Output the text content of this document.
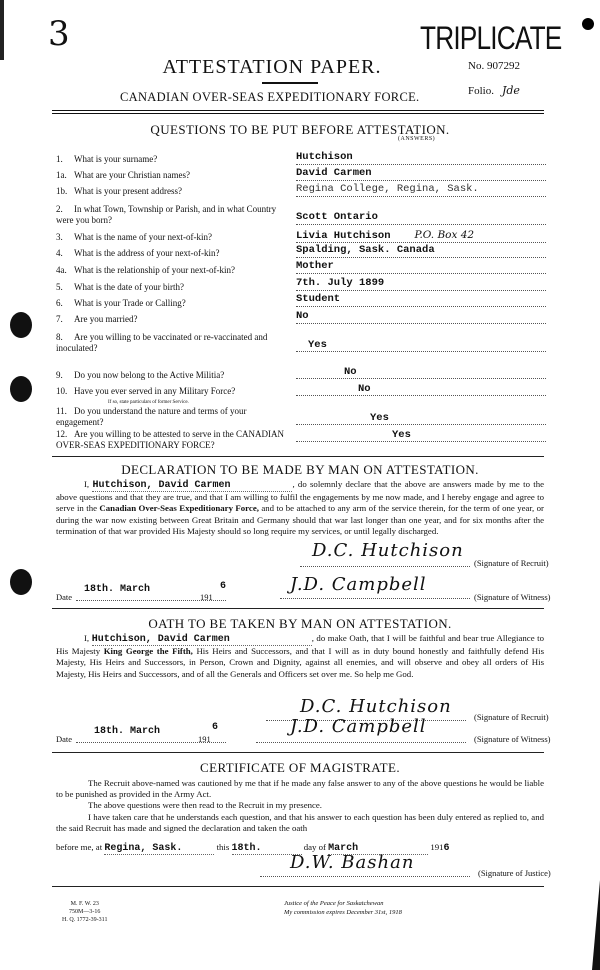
3	TRIPLICATE
ATTESTATION PAPER.
CANADIAN OVER-SEAS EXPEDITIONARY FORCE.
No. 907292
Folio. Jde
QUESTIONS TO BE PUT BEFORE ATTESTATION.
(ANSWERS)
1. What is your surname?	Hutchison
1a. What are your Christian names?	David Carmen
1b. What is your present address?	Regina College, Regina, Sask.
2. In what Town, Township or Parish, and in what Country were you born?	Scott Ontario
3. What is the name of your next-of-kin?	Livia Hutchison P.O. Box 42
4. What is the address of your next-of-kin?	Spalding, Sask. Canada
4a. What is the relationship of your next-of-kin?	Mother
5. What is the date of your birth?	7th. July 1899
6. What is your Trade or Calling?	Student
7. Are you married?	No
8. Are you willing to be vaccinated or re-vaccinated and inoculated?	Yes
9. Do you now belong to the Active Militia?	No
10. Have you ever served in any Military Force?
If so, state particulars of former Service.
No
11. Do you understand the nature and terms of your engagement?	Yes
12. Are you willing to be attested to serve in the CANADIAN OVER-SEAS EXPEDITIONARY FORCE?
Yes
DECLARATION TO BE MADE BY MAN ON ATTESTATION.
I, Hutchison, David Carmen	, do solemnly declare that the above are answers made by me to the above questions and that they are true, and that I am willing to fulfil the engagements by me now made, and I hereby engage and agree to serve in the Canadian Over-Seas Expeditionary Force, and to be attached to any arm of the service therein, for the term of one year, or during the war now existing between Great Britain and Germany should that war last longer than one year, and for six months after the termination of that war provided His Majesty should so long require my services, or until legally discharged.
D.C. Hutchison
(Signature of Recruit)
Date
18th. March
191
6	J.D. Campbell
(Signature of Witness)
OATH TO BE TAKEN BY MAN ON ATTESTATION.
I, Hutchison, David Carmen	, do make Oath, that I will be faithful and bear true Allegiance to His Majesty King George the Fifth, His Heirs and Successors, and that I will as in duty bound honestly and faithfully defend His Majesty, His Heirs and Successors, in Person, Crown and Dignity, against all enemies, and will observe and obey all orders of His Majesty, His Heirs and Successors, and of all the Generals and Officers set over me. So help me God.
D.C. Hutchison	(Signature of Recruit)
Date
18th. March
191
6	J.D. Campbell
(Signature of Witness)
CERTIFICATE OF MAGISTRATE.
The Recruit above-named was cautioned by me that if he made any false answer to any of the above questions he would be liable to be punished as provided in the Army Act.
The above questions were then read to the Recruit in my presence.
I have taken care that he understands each question, and that his answer to each question has been duly entered as replied to, and the said Recruit has made and signed the declaration and taken the oath
before me, at Regina, Sask.	this 18th.	day of March	1916
D.W. Bashan	(Signature of Justice)
M. F. W. 23
750M—3-16
H. Q. 1772-39-311
Justice of the Peace for Saskatchewan
My commission expires December 31st, 1918
